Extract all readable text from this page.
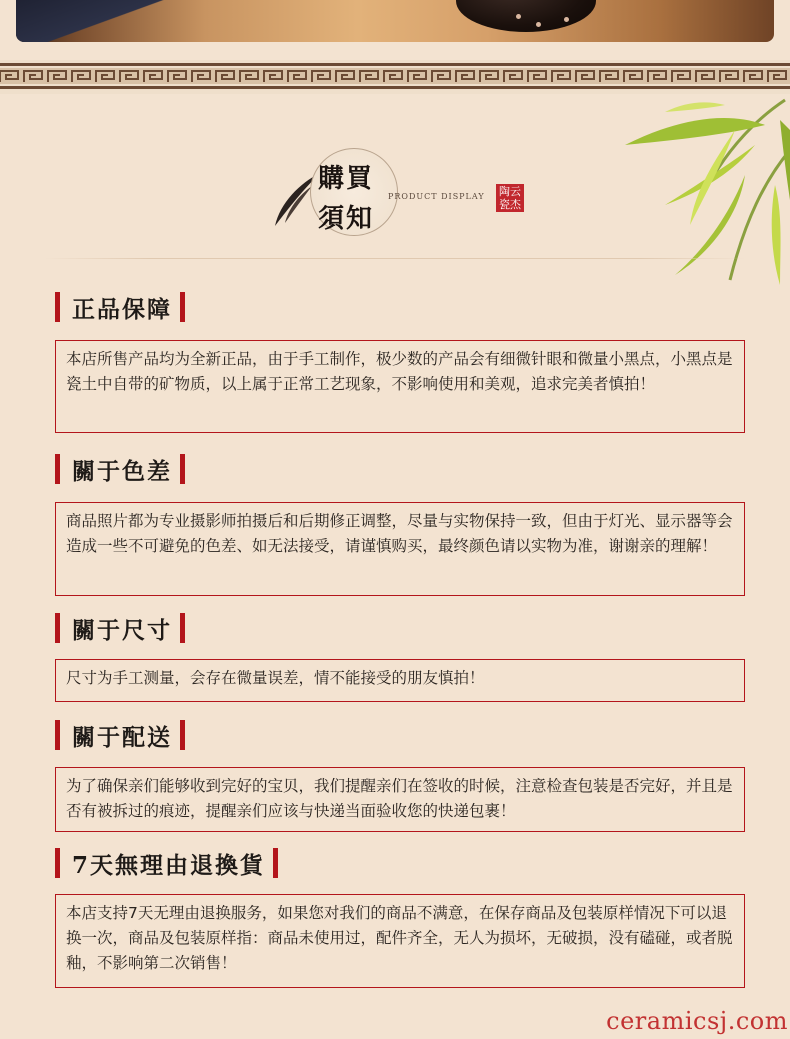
購買
須知
PRODUCT DISPLAY 陶云
瓷杰
正品保障
本店所售产品均为全新正品，由于手工制作，极少数的产品会有细微针眼和微量小黑点，小黑点是瓷土中自带的矿物质，以上属于正常工艺现象，不影响使用和美观，追求完美者慎拍！
關于色差
商品照片都为专业摄影师拍摄后和后期修正调整，尽量与实物保持一致，但由于灯光、显示器等会造成一些不可避免的色差、如无法接受，请谨慎购买，最终颜色请以实物为准，谢谢亲的理解！
關于尺寸
尺寸为手工测量，会存在微量误差，情不能接受的朋友慎拍！
關于配送
为了确保亲们能够收到完好的宝贝，我们提醒亲们在签收的时候，注意检查包装是否完好，并且是否有被拆过的痕迹，提醒亲们应该与快递当面验收您的快递包裹！
7天無理由退換貨
本店支持7天无理由退换服务，如果您对我们的商品不满意，在保存商品及包装原样情况下可以退换一次，商品及包装原样指：商品未使用过，配件齐全，无人为损坏，无破损，没有磕碰，或者脱釉，不影响第二次销售！
ceramicsj.com
